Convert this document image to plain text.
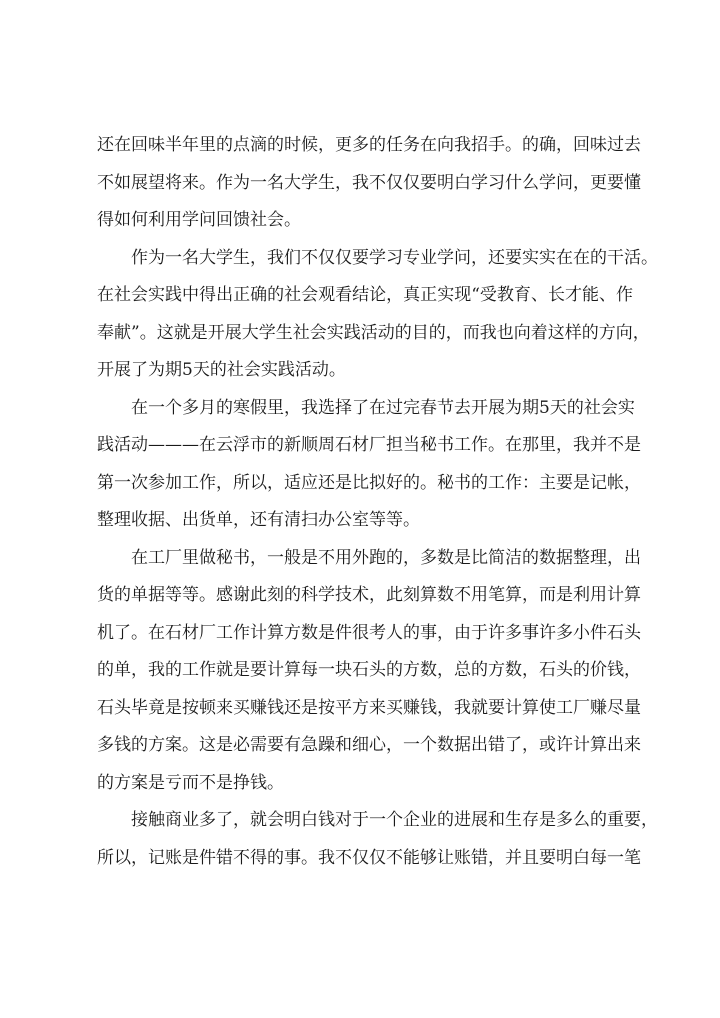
还在回味半年里的点滴的时候，更多的任务在向我招手。的确，回味过去
不如展望将来。作为一名大学生，我不仅仅要明白学习什么学问，更要懂
得如何利用学问回馈社会。
作为一名大学生，我们不仅仅要学习专业学问，还要实实在在的干活。
在社会实践中得出正确的社会观看结论，真正实现“受教育、长才能、作
奉献”。这就是开展大学生社会实践活动的目的，而我也向着这样的方向，
开展了为期5天的社会实践活动。
在一个多月的寒假里，我选择了在过完春节去开展为期5天的社会实
践活动———在云浮市的新顺周石材厂担当秘书工作。在那里，我并不是
第一次参加工作，所以，适应还是比拟好的。秘书的工作：主要是记帐，
整理收据、出货单，还有清扫办公室等等。
在工厂里做秘书，一般是不用外跑的，多数是比简洁的数据整理，出
货的单据等等。感谢此刻的科学技术，此刻算数不用笔算，而是利用计算
机了。在石材厂工作计算方数是件很考人的事，由于许多事许多小件石头
的单，我的工作就是要计算每一块石头的方数，总的方数，石头的价钱，
石头毕竟是按顿来买赚钱还是按平方来买赚钱，我就要计算使工厂赚尽量
多钱的方案。这是必需要有急躁和细心，一个数据出错了，或许计算出来
的方案是亏而不是挣钱。
接触商业多了，就会明白钱对于一个企业的进展和生存是多么的重要，
所以，记账是件错不得的事。我不仅仅不能够让账错，并且要明白每一笔
